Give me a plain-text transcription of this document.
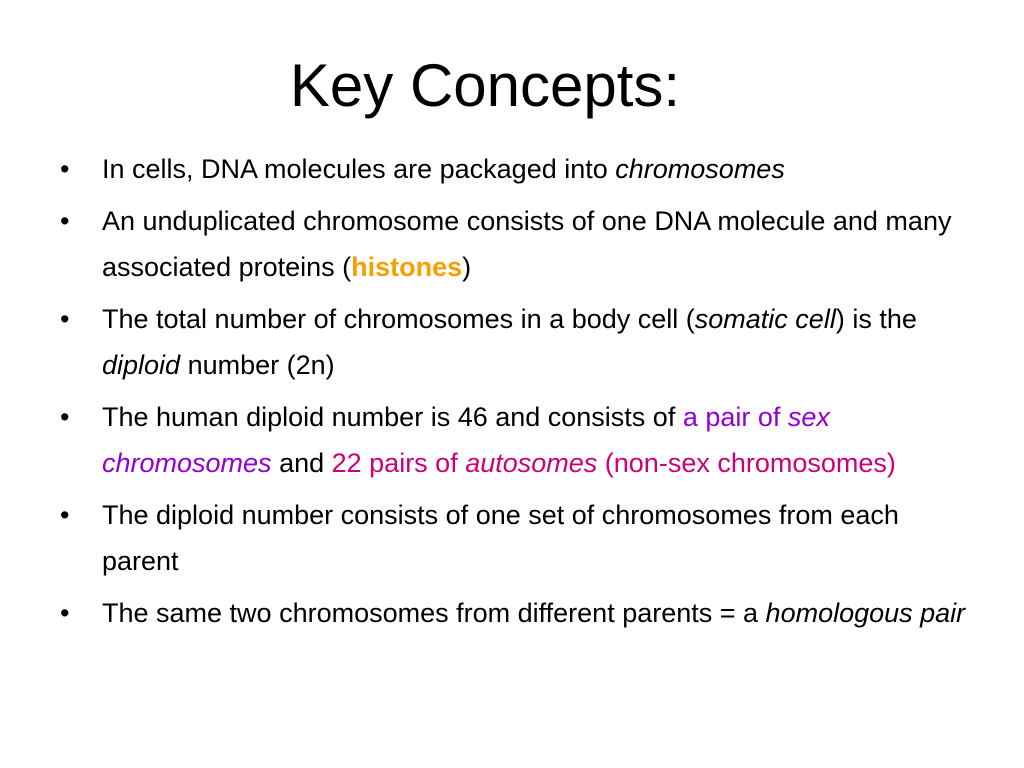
Key Concepts:
• In cells, DNA molecules are packaged into chromosomes
• An unduplicated chromosome consists of one DNA molecule and many associated proteins (histones)
• The total number of chromosomes in a body cell (somatic cell) is the diploid number (2n)
• The human diploid number is 46 and consists of a pair of sex chromosomes and 22 pairs of autosomes (non-sex chromosomes)
• The diploid number consists of one set of chromosomes from each parent
• The same two chromosomes from different parents = a homologous pair
